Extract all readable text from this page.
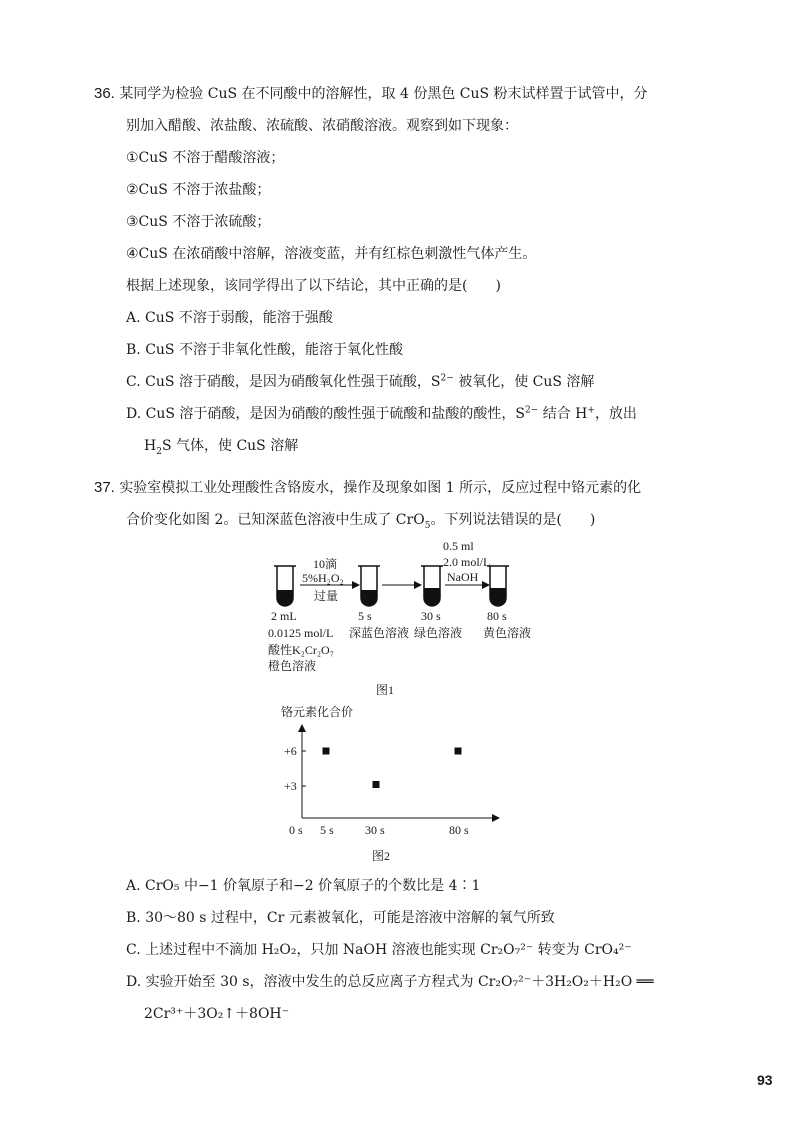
36. 某同学为检验 CuS 在不同酸中的溶解性，取 4 份黑色 CuS 粉末试样置于试管中，分
别加入醋酸、浓盐酸、浓硫酸、浓硝酸溶液。观察到如下现象：
①CuS 不溶于醋酸溶液；
②CuS 不溶于浓盐酸；
③CuS 不溶于浓硫酸；
④CuS 在浓硝酸中溶解，溶液变蓝，并有红棕色刺激性气体产生。
根据上述现象，该同学得出了以下结论，其中正确的是(　　)
A. CuS 不溶于弱酸，能溶于强酸
B. CuS 不溶于非氧化性酸，能溶于氧化性酸
C. CuS 溶于硝酸，是因为硝酸氧化性强于硫酸，$S^{2-}$ 被氧化，使 CuS 溶解
D. CuS 溶于硝酸，是因为硝酸的酸性强于硫酸和盐酸的酸性，$S^{2-}$ 结合 H+，放出
$H_2S$ 气体，使 CuS 溶解
37. 实验室模拟工业处理酸性含铬废水，操作及现象如图 1 所示，反应过程中铬元素的化
合价变化如图 2。已知深蓝色溶液中生成了 CrO$_5$。下列说法错误的是(　　)
10滴
5%H₂O₂
过量
0.5 ml
2.0 mol/L
NaOH
2 mL
0.0125 mol/L
酸性K₂Cr₂O₇
橙色溶液
5 s
深蓝色溶液
30 s
绿色溶液
80 s
黄色溶液
图1
铬元素化合价
+6
+3
0 s 5 s	30 s	80 s
图2
A. CrO₅ 中−1 价氧原子和−2 价氧原子的个数比是 4∶1
B. 30～80 s 过程中，Cr 元素被氧化，可能是溶液中溶解的氧气所致
C. 上述过程中不滴加 H₂O₂，只加 NaOH 溶液也能实现 Cr₂O₇²⁻ 转变为 CrO₄²⁻
D. 实验开始至 30 s，溶液中发生的总反应离子方程式为 Cr₂O₇²⁻＋3H₂O₂＋H₂O ══
2Cr³⁺＋3O₂↑＋8OH⁻
93
